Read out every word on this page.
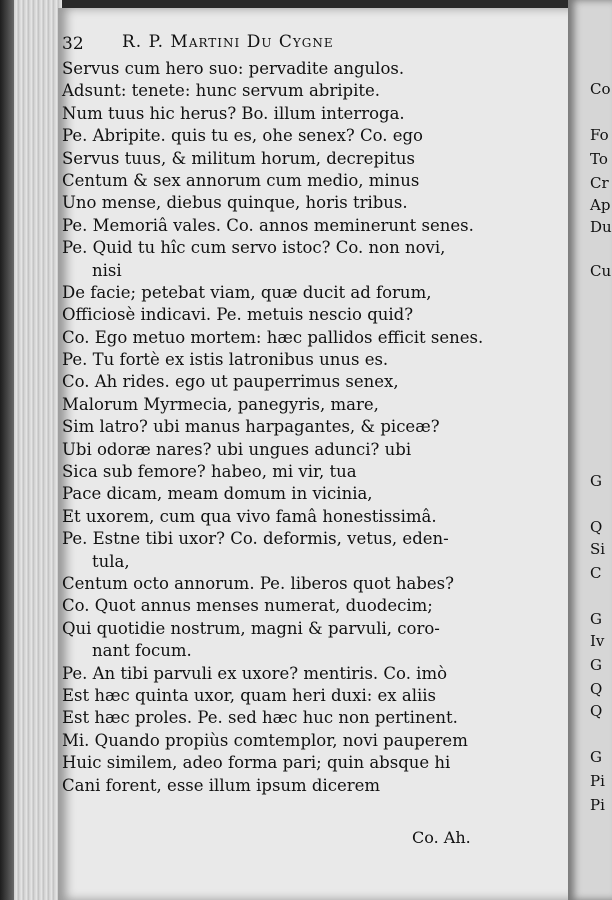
Co
Fo
To
Cr
Ap
Du
Cu
G
Q
Si
C
G
Iv
G
Q
Q
G
Pi
Pi
32 R. P. Martini Du Cygne
Servus cum hero suo: pervadite angulos.
Adsunt: tenete: hunc servum abripite.
Num tuus hic herus? Bo. illum interroga.
Pe. Abripite. quis tu es, ohe senex? Co. ego
Servus tuus, & militum horum, decrepitus
Centum & sex annorum cum medio, minus
Uno mense, diebus quinque, horis tribus.
Pe. Memoriâ vales. Co. annos meminerunt senes.
Pe. Quid tu hîc cum servo istoc? Co. non novi,
nisi
De facie; petebat viam, quæ ducit ad forum,
Officiosè indicavi. Pe. metuis nescio quid?
Co. Ego metuo mortem: hæc pallidos efficit senes.
Pe. Tu fortè ex istis latronibus unus es.
Co. Ah rides. ego ut pauperrimus senex,
Malorum Myrmecia, panegyris, mare,
Sim latro? ubi manus harpagantes, & piceæ?
Ubi odoræ nares? ubi ungues adunci? ubi
Sica sub femore? habeo, mi vir, tua
Pace dicam, meam domum in vicinia,
Et uxorem, cum qua vivo famâ honestissimâ.
Pe. Estne tibi uxor? Co. deformis, vetus, eden-
tula,
Centum octo annorum. Pe. liberos quot habes?
Co. Quot annus menses numerat, duodecim;
Qui quotidie nostrum, magni & parvuli, coro-
nant focum.
Pe. An tibi parvuli ex uxore? mentiris. Co. imò
Est hæc quinta uxor, quam heri duxi: ex aliis
Est hæc proles. Pe. sed hæc huc non pertinent.
Mi. Quando propiùs comtemplor, novi pauperem
Huic similem, adeo forma pari; quin absque hi
Cani forent, esse illum ipsum dicerem
Co. Ah.
